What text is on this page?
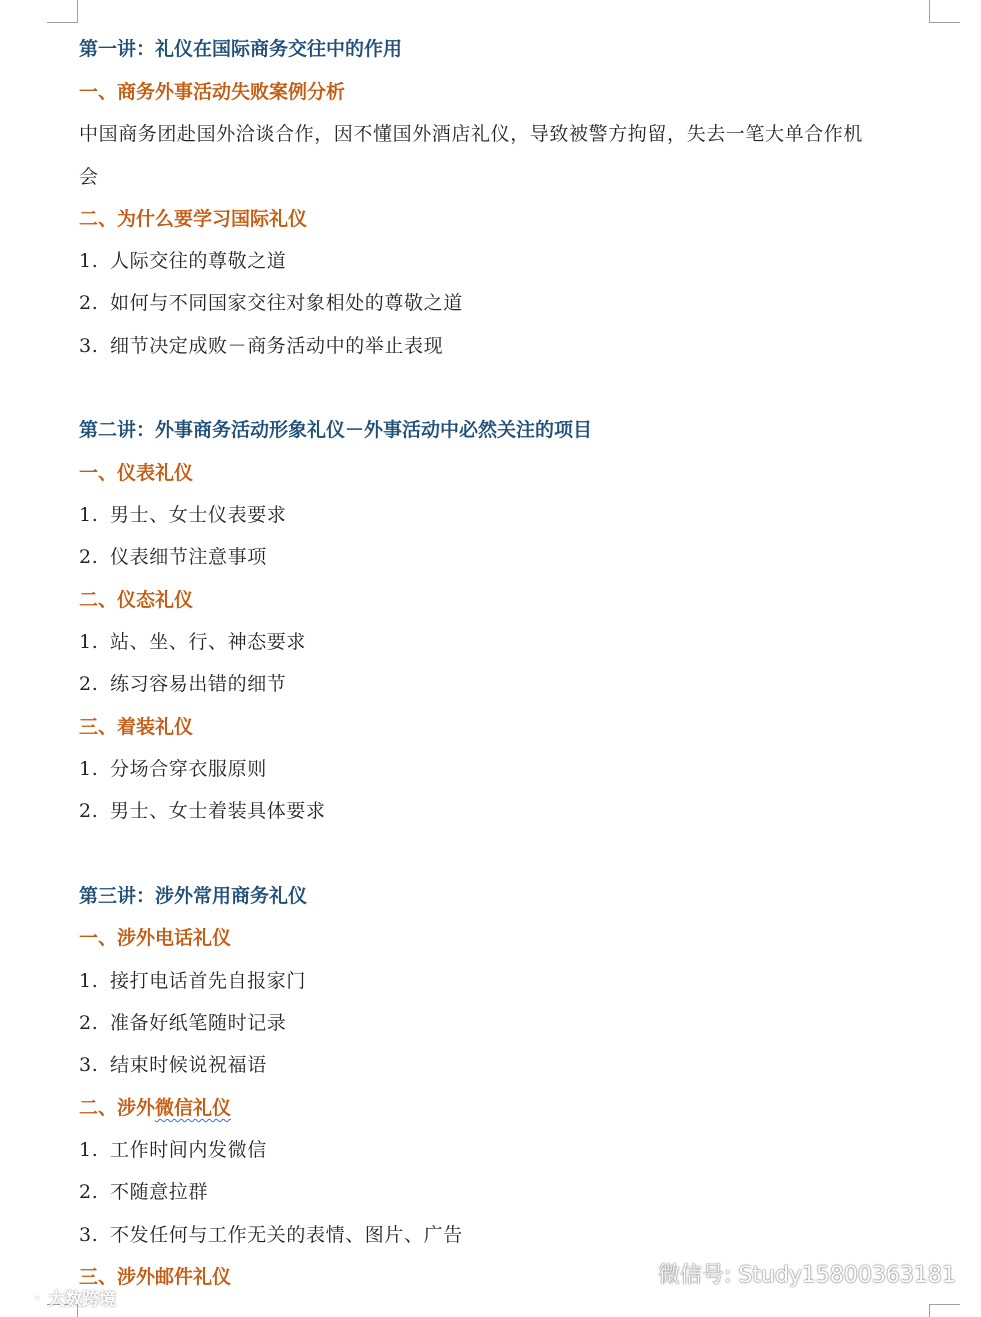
第一讲：礼仪在国际商务交往中的作用
一、商务外事活动失败案例分析
中国商务团赴国外洽谈合作，因不懂国外酒店礼仪，导致被警方拘留，失去一笔大单合作机
会
二、为什么要学习国际礼仪
1. 人际交往的尊敬之道
2. 如何与不同国家交往对象相处的尊敬之道
3. 细节决定成败－商务活动中的举止表现
第二讲：外事商务活动形象礼仪－外事活动中必然关注的项目
一、仪表礼仪
1. 男士、女士仪表要求
2. 仪表细节注意事项
二、仪态礼仪
1. 站、坐、行、神态要求
2. 练习容易出错的细节
三、着装礼仪
1. 分场合穿衣服原则
2. 男士、女士着装具体要求
第三讲：涉外常用商务礼仪
一、涉外电话礼仪
1. 接打电话首先自报家门
2. 准备好纸笔随时记录
3. 结束时候说祝福语
二、涉外微信礼仪
1. 工作时间内发微信
2. 不随意拉群
3. 不发任何与工作无关的表情、图片、广告
三、涉外邮件礼仪	微信号: Study15800363181
· 大数跨境
